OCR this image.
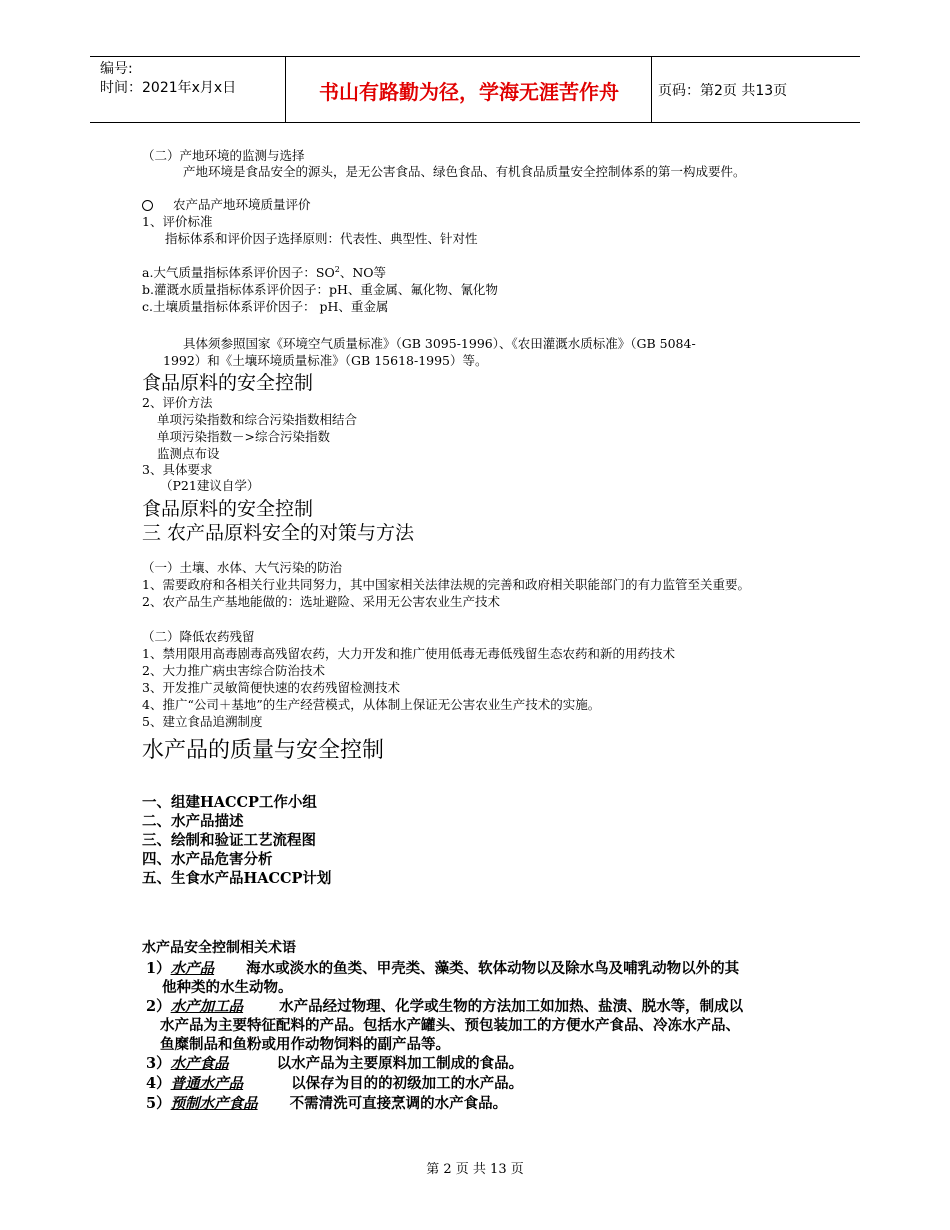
编号:
时间：2021年x月x日	书山有路勤为径，学海无涯苦作舟	页码：第2页 共13页
（二）产地环境的监测与选择
产地环境是食品安全的源头，是无公害食品、绿色食品、有机食品质量安全控制体系的第一构成要件。
农产品产地环境质量评价
1、评价标准
指标体系和评价因子选择原则：代表性、典型性、针对性
a.大气质量指标体系评价因子：$SO^2$、NO等
b.灌溉水质量指标体系评价因子：pH、重金属、氟化物、氰化物
c.土壤质量指标体系评价因子： pH、重金属
具体须参照国家《环境空气质量标准》（GB 3095-1996）、《农田灌溉水质标准》（GB 5084-
1992）和《土壤环境质量标准》（GB 15618-1995）等。
食品原料的安全控制
2、评价方法
单项污染指数和综合污染指数相结合
单项污染指数－>综合污染指数
监测点布设
3、具体要求
（P21建议自学）
食品原料的安全控制
三 农产品原料安全的对策与方法
（一）土壤、水体、大气污染的防治
1、需要政府和各相关行业共同努力，其中国家相关法律法规的完善和政府相关职能部门的有力监管至关重要。
2、农产品生产基地能做的：选址避险、采用无公害农业生产技术
（二）降低农药残留
1、禁用限用高毒剧毒高残留农药，大力开发和推广使用低毒无毒低残留生态农药和新的用药技术
2、大力推广病虫害综合防治技术
3、开发推广灵敏简便快速的农药残留检测技术
4、推广“公司＋基地”的生产经营模式，从体制上保证无公害农业生产技术的实施。
5、建立食品追溯制度
水产品的质量与安全控制
一、组建HACCP工作小组
二、水产品描述
三、绘制和验证工艺流程图
四、水产品危害分析
五、生食水产品HACCP计划
水产品安全控制相关术语
1）水产品 海水或淡水的鱼类、甲壳类、藻类、软体动物以及除水鸟及哺乳动物以外的其
他种类的水生动物。
2）水产加工品 水产品经过物理、化学或生物的方法加工如加热、盐渍、脱水等，制成以
水产品为主要特征配料的产品。包括水产罐头、预包装加工的方便水产食品、冷冻水产品、
鱼糜制品和鱼粉或用作动物饲料的副产品等。
3）水产食品	以水产品为主要原料加工制成的食品。
4）普通水产品	以保存为目的的初级加工的水产品。
5）预制水产食品 不需清洗可直接烹调的水产食品。
第 2 页 共 13 页
